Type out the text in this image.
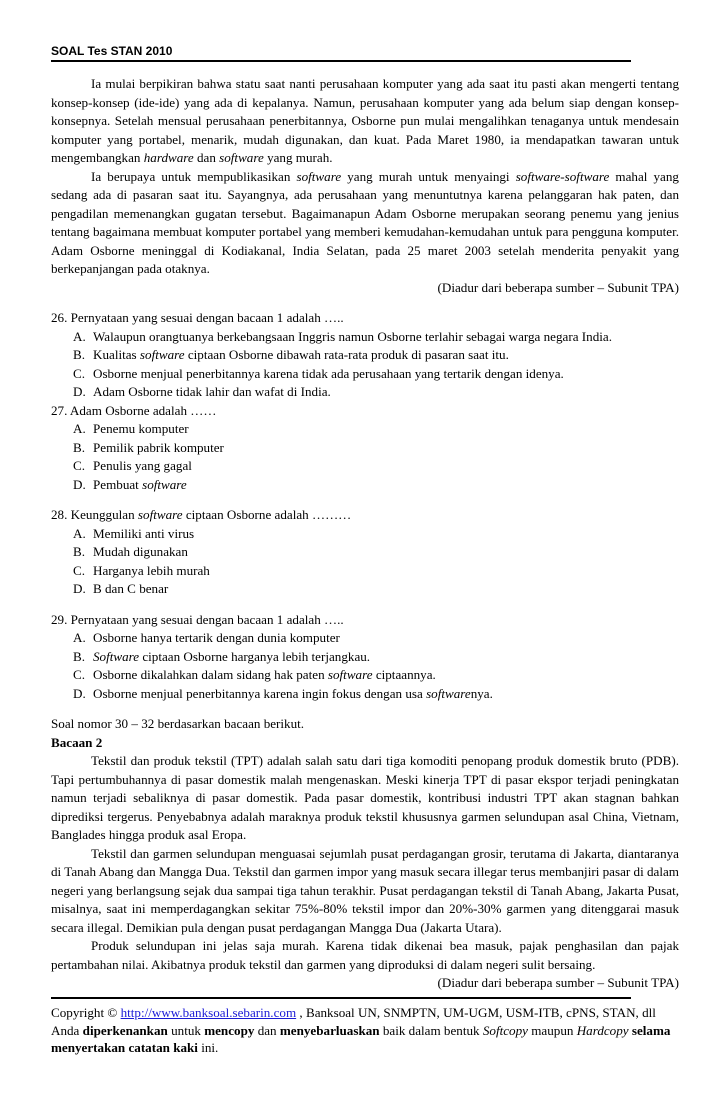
SOAL Tes STAN 2010

Ia mulai berpikiran bahwa statu saat nanti perusahaan komputer yang ada saat itu pasti akan mengerti tentang konsep-konsep (ide-ide) yang ada di kepalanya. Namun, perusahaan komputer yang ada belum siap dengan konsep-konsepnya. Setelah mensual perusahaan penerbitannya, Osborne pun mulai mengalihkan tenaganya untuk mendesain komputer yang portabel, menarik, mudah digunakan, dan kuat. Pada Maret 1980, ia mendapatkan tawaran untuk mengembangkan hardware dan software yang murah.

Ia berupaya untuk mempublikasikan software yang murah untuk menyaingi software-software mahal yang sedang ada di pasaran saat itu. Sayangnya, ada perusahaan yang menuntutnya karena pelanggaran hak paten, dan pengadilan memenangkan gugatan tersebut. Bagaimanapun Adam Osborne merupakan seorang penemu yang jenius tentang bagaimana membuat komputer portabel yang memberi kemudahan-kemudahan untuk para pengguna komputer. Adam Osborne meninggal di Kodiakanal, India Selatan, pada 25 maret 2003 setelah menderita penyakit yang berkepanjangan pada otaknya.

(Diadur dari beberapa sumber – Subunit TPA)

26. Pernyataan yang sesuai dengan bacaan 1 adalah …..

A. Walaupun orangtuanya berkebangsaan Inggris namun Osborne terlahir sebagai warga negara India.
B. Kualitas software ciptaan Osborne dibawah rata-rata produk di pasaran saat itu.
C. Osborne menjual penerbitannya karena tidak ada perusahaan yang tertarik dengan idenya.
D. Adam Osborne tidak lahir dan wafat di India.

27. Adam Osborne adalah ……

A. Penemu komputer
B. Pemilik pabrik komputer
C. Penulis yang gagal
D. Pembuat software

28. Keunggulan software ciptaan Osborne adalah ………

A. Memiliki anti virus
B. Mudah digunakan
C. Harganya lebih murah
D. B dan C benar

29. Pernyataan yang sesuai dengan bacaan 1 adalah …..

A. Osborne hanya tertarik dengan dunia komputer
B. Software ciptaan Osborne harganya lebih terjangkau.
C. Osborne dikalahkan dalam sidang hak paten software ciptaannya.
D. Osborne menjual penerbitannya karena ingin fokus dengan usa softwarenya.

Soal nomor 30 – 32 berdasarkan bacaan berikut.

Bacaan 2

Tekstil dan produk tekstil (TPT) adalah salah satu dari tiga komoditi penopang produk domestik bruto (PDB). Tapi pertumbuhannya di pasar domestik malah mengenaskan. Meski kinerja TPT di pasar ekspor terjadi peningkatan namun terjadi sebaliknya di pasar domestik. Pada pasar domestik, kontribusi industri TPT akan stagnan bahkan diprediksi tergerus. Penyebabnya adalah maraknya produk tekstil khususnya garmen selundupan asal China, Vietnam, Banglades hingga produk asal Eropa.

Tekstil dan garmen selundupan menguasai sejumlah pusat perdagangan grosir, terutama di Jakarta, diantaranya di Tanah Abang dan Mangga Dua. Tekstil dan garmen impor yang masuk secara illegar terus membanjiri pasar di dalam negeri yang berlangsung sejak dua sampai tiga tahun terakhir. Pusat perdagangan tekstil di Tanah Abang, Jakarta Pusat, misalnya, saat ini memperdagangkan sekitar 75%-80% tekstil impor dan 20%-30% garmen yang ditenggarai masuk secara illegal. Demikian pula dengan pusat perdagangan Mangga Dua (Jakarta Utara).

Produk selundupan ini jelas saja murah. Karena tidak dikenai bea masuk, pajak penghasilan dan pajak pertambahan nilai. Akibatnya produk tekstil dan garmen yang diproduksi di dalam negeri sulit bersaing.

(Diadur dari beberapa sumber – Subunit TPA)

Copyright © http://www.banksoal.sebarin.com , Banksoal UN, SNMPTN, UM-UGM, USM-ITB, cPNS, STAN, dll Anda diperkenankan untuk mencopy dan menyebarluaskan baik dalam bentuk Softcopy maupun Hardcopy selama menyertakan catatan kaki ini.
